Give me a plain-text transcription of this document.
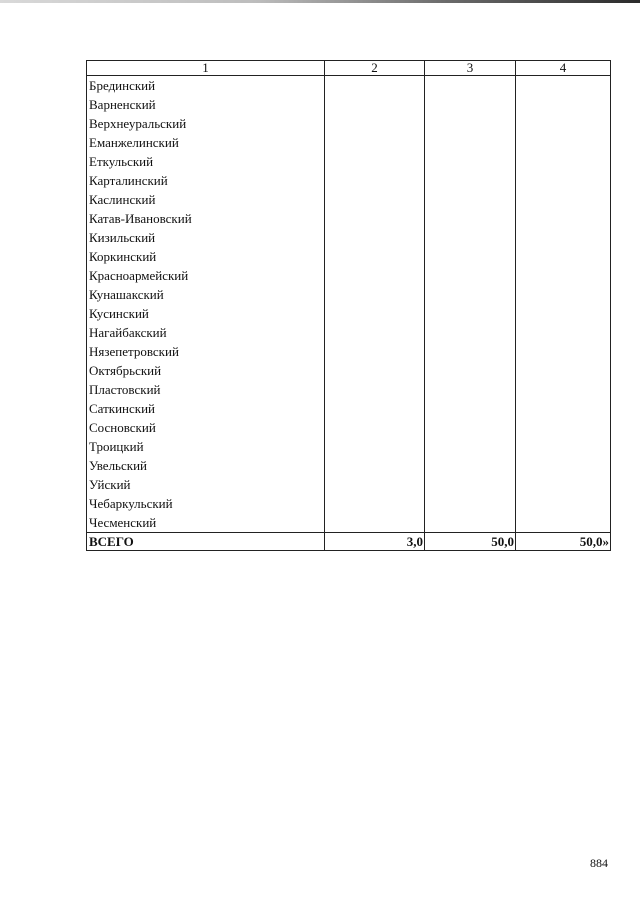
1	2	3	4
Брединский			
Варненский			
Верхнеуральский			
Еманжелинский			
Еткульский			
Карталинский			
Каслинский			
Катав-Ивановский			
Кизильский			
Коркинский			
Красноармейский			
Кунашакский			
Кусинский			
Нагайбакский			
Нязепетровский			
Октябрьский			
Пластовский			
Саткинский			
Сосновский			
Троицкий			
Увельский			
Уйский			
Чебаркульский			
Чесменский			
ВСЕГО	3,0	50,0	50,0»
884
